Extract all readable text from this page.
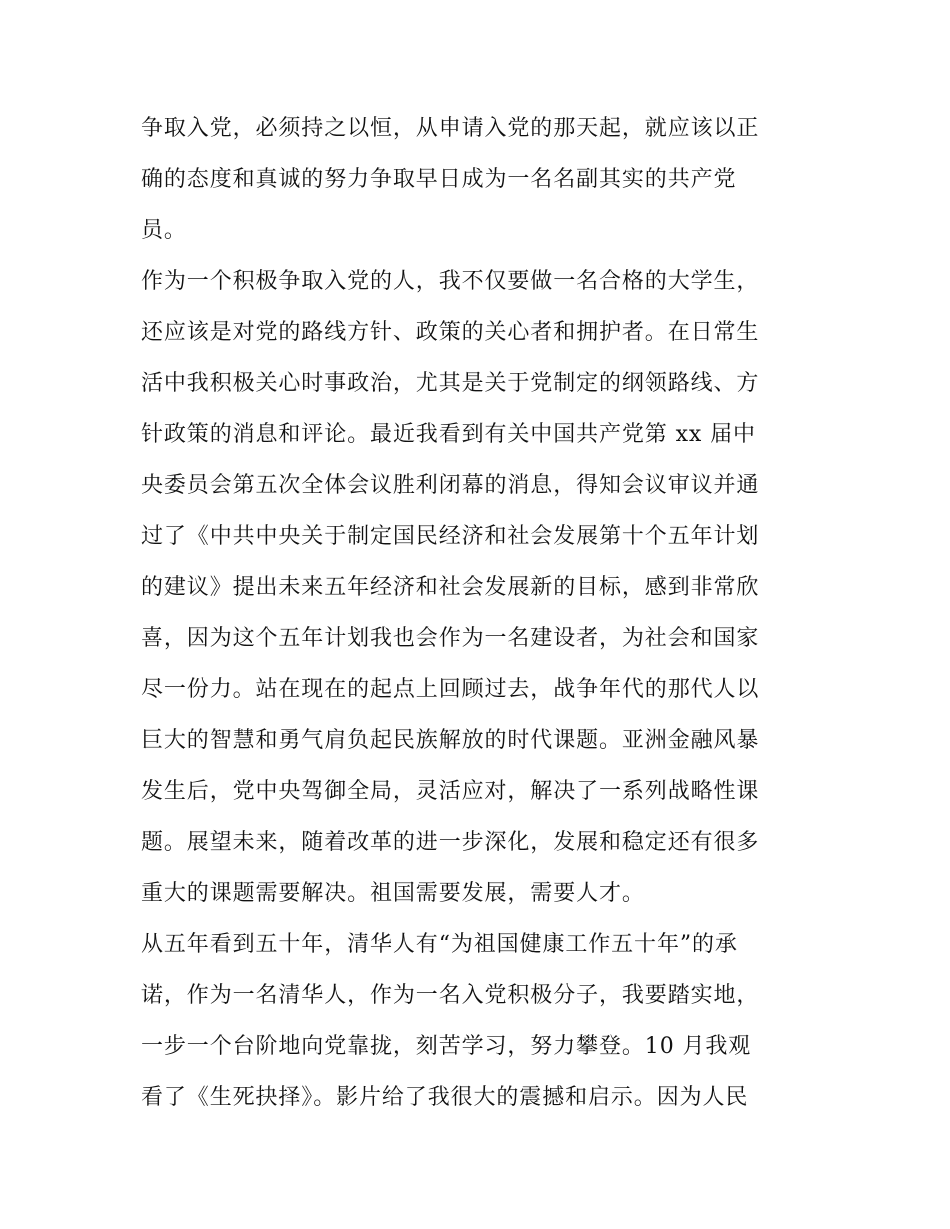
争取入党，必须持之以恒，从申请入党的那天起，就应该以正
确的态度和真诚的努力争取早日成为一名名副其实的共产党
员。
作为一个积极争取入党的人，我不仅要做一名合格的大学生，
还应该是对党的路线方针、政策的关心者和拥护者。在日常生
活中我积极关心时事政治，尤其是关于党制定的纲领路线、方
针政策的消息和评论。最近我看到有关中国共产党第 xx 届中
央委员会第五次全体会议胜利闭幕的消息，得知会议审议并通
过了《中共中央关于制定国民经济和社会发展第十个五年计划
的建议》提出未来五年经济和社会发展新的目标，感到非常欣
喜，因为这个五年计划我也会作为一名建设者，为社会和国家
尽一份力。站在现在的起点上回顾过去，战争年代的那代人以
巨大的智慧和勇气肩负起民族解放的时代课题。亚洲金融风暴
发生后，党中央驾御全局，灵活应对，解决了一系列战略性课
题。展望未来，随着改革的进一步深化，发展和稳定还有很多
重大的课题需要解决。祖国需要发展，需要人才。
从五年看到五十年，清华人有“为祖国健康工作五十年”的承
诺，作为一名清华人，作为一名入党积极分子，我要踏实地，
一步一个台阶地向党靠拢，刻苦学习，努力攀登。10 月我观
看了《生死抉择》。影片给了我很大的震撼和启示。因为人民
